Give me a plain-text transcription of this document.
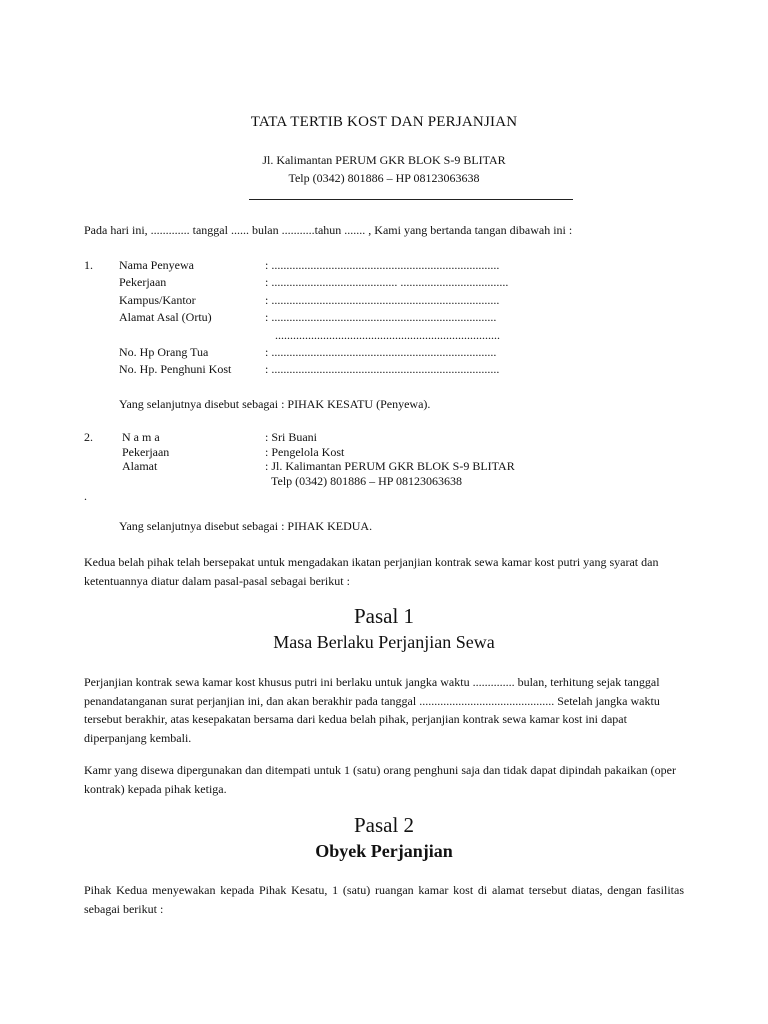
TATA TERTIB KOST DAN PERJANJIAN
Jl. Kalimantan PERUM GKR BLOK S-9 BLITAR
Telp (0342) 801886 – HP 08123063638
Pada hari ini, ............. tanggal ...... bulan ...........tahun ....... , Kami yang bertanda tangan dibawah ini :
1. Nama Penyewa	: ............................................................................
Pekerjaan	: .......................................... ....................................
Kampus/Kantor	: ............................................................................
Alamat Asal (Ortu)	: ...........................................................................
...........................................................................
No. Hp Orang Tua	: ...........................................................................
No. Hp. Penghuni Kost	: ............................................................................
Yang selanjutnya disebut sebagai : PIHAK KESATU (Penyewa).
2. N a m a	: Sri Buani
Pekerjaan	: Pengelola Kost
Alamat	: Jl. Kalimantan PERUM GKR BLOK S-9 BLITAR
Telp (0342) 801886 – HP 08123063638
.
Yang selanjutnya disebut sebagai : PIHAK KEDUA.
Kedua belah pihak telah bersepakat untuk mengadakan ikatan perjanjian kontrak sewa kamar kost putri yang syarat dan ketentuannya diatur dalam pasal-pasal sebagai berikut :
Pasal 1
Masa Berlaku Perjanjian Sewa
Perjanjian kontrak sewa kamar kost khusus putri ini berlaku untuk jangka waktu .............. bulan, terhitung sejak tanggal penandatanganan surat perjanjian ini, dan akan berakhir pada tanggal ............................................. Setelah jangka waktu tersebut berakhir, atas kesepakatan bersama dari kedua belah pihak, perjanjian kontrak sewa kamar kost ini dapat diperpanjang kembali.
Kamr yang disewa dipergunakan dan ditempati untuk 1 (satu) orang penghuni saja dan tidak dapat dipindah pakaikan (oper kontrak) kepada pihak ketiga.
Pasal 2
Obyek Perjanjian
Pihak Kedua menyewakan kepada Pihak Kesatu, 1 (satu) ruangan kamar kost di alamat tersebut diatas, dengan fasilitas sebagai berikut :
